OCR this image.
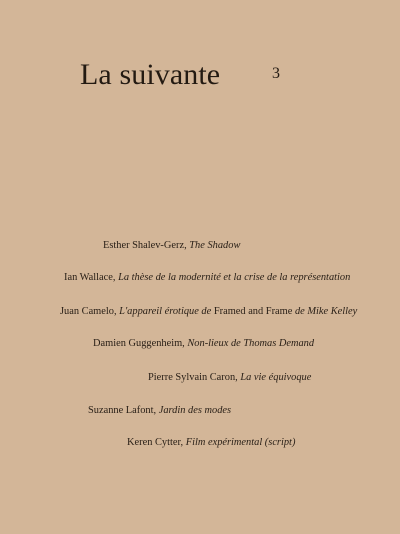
La suivante	3
Esther Shalev-Gerz, The Shadow
Ian Wallace, La thèse de la modernité et la crise de la représentation
Juan Camelo, L'appareil érotique de Framed and Frame de Mike Kelley
Damien Guggenheim, Non-lieux de Thomas Demand
Pierre Sylvain Caron, La vie équivoque
Suzanne Lafont, Jardin des modes
Keren Cytter, Film expérimental (script)
